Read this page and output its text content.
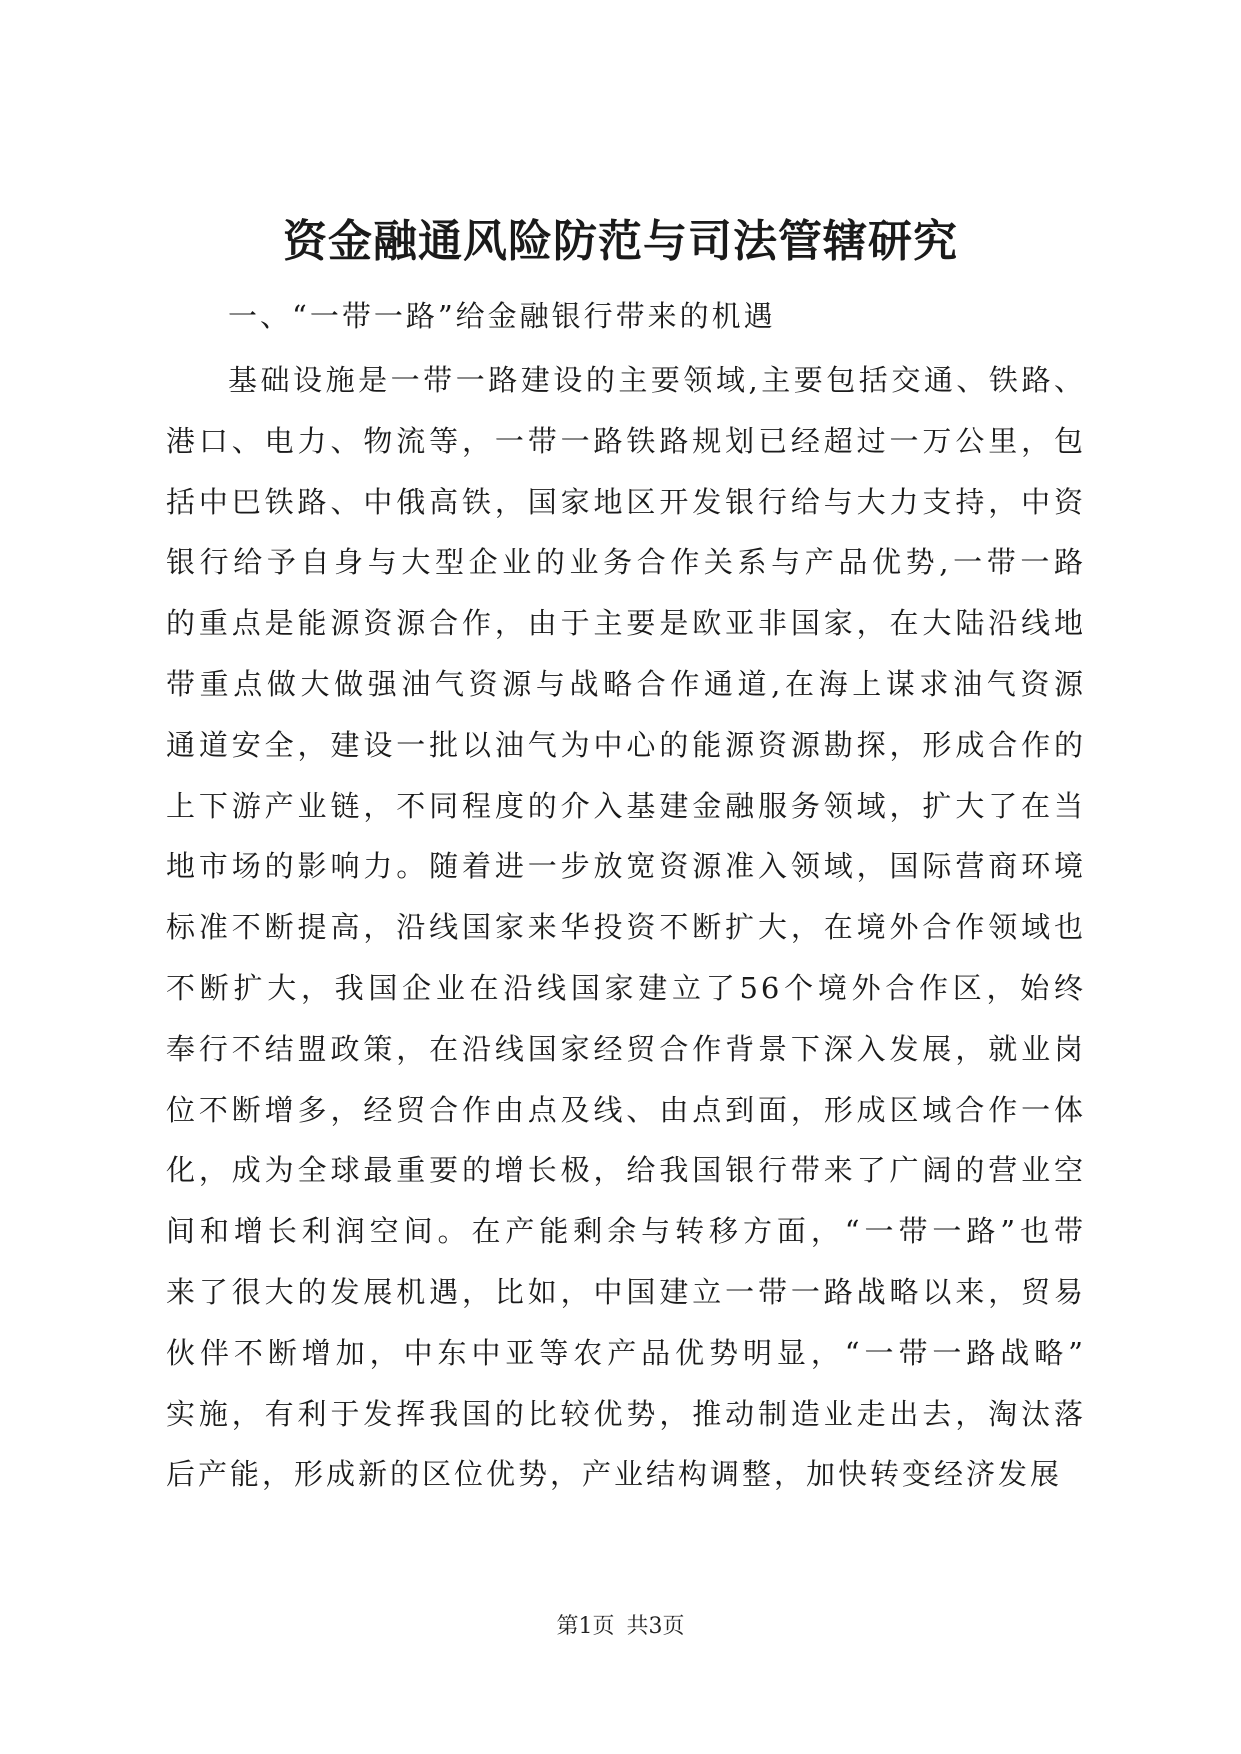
资金融通风险防范与司法管辖研究

一、“一带一路”给金融银行带来的机遇

基础设施是一带一路建设的主要领域,主要包括交通、铁路、
港口、电力、物流等，一带一路铁路规划已经超过一万公里，包
括中巴铁路、中俄高铁，国家地区开发银行给与大力支持，中资
银行给予自身与大型企业的业务合作关系与产品优势,一带一路
的重点是能源资源合作，由于主要是欧亚非国家，在大陆沿线地
带重点做大做强油气资源与战略合作通道,在海上谋求油气资源
通道安全，建设一批以油气为中心的能源资源勘探，形成合作的
上下游产业链，不同程度的介入基建金融服务领域，扩大了在当
地市场的影响力。随着进一步放宽资源准入领域，国际营商环境
标准不断提高，沿线国家来华投资不断扩大，在境外合作领域也
不断扩大，我国企业在沿线国家建立了56个境外合作区，始终
奉行不结盟政策，在沿线国家经贸合作背景下深入发展，就业岗
位不断增多，经贸合作由点及线、由点到面，形成区域合作一体
化，成为全球最重要的增长极，给我国银行带来了广阔的营业空
间和增长利润空间。在产能剩余与转移方面，“一带一路”也带
来了很大的发展机遇，比如，中国建立一带一路战略以来，贸易
伙伴不断增加，中东中亚等农产品优势明显，“一带一路战略”
实施，有利于发挥我国的比较优势，推动制造业走出去，淘汰落
后产能，形成新的区位优势，产业结构调整，加快转变经济发展
第1页 共3页
